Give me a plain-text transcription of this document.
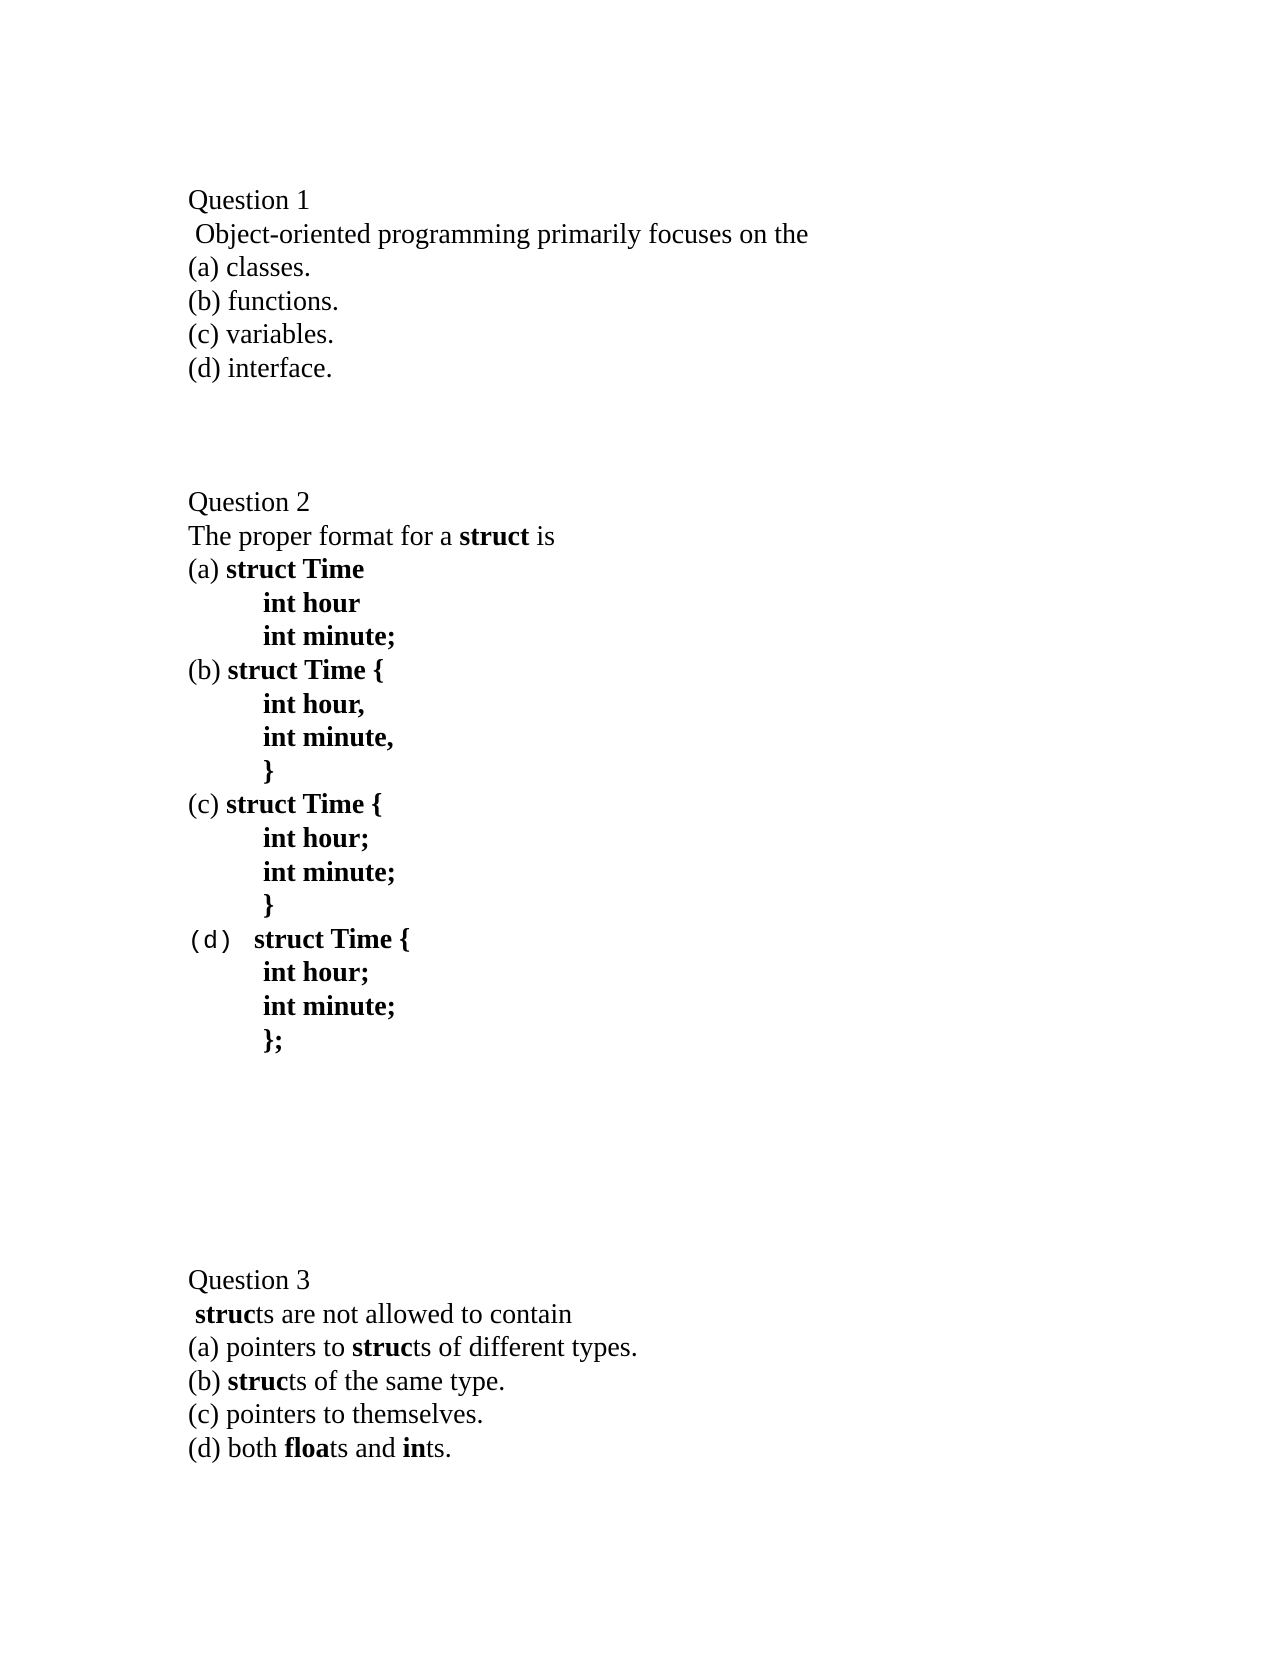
Question 1
Object-oriented programming primarily focuses on the
(a) classes.
(b) functions.
(c) variables.
(d) interface.
Question 2
The proper format for a struct is
(a) struct Time
int hour
int minute;
(b) struct Time {
int hour,
int minute,
}
(c) struct Time {
int hour;
int minute;
}
(d) struct Time {
int hour;
int minute;
};
Question 3
structs are not allowed to contain
(a) pointers to structs of different types.
(b) structs of the same type.
(c) pointers to themselves.
(d) both floats and ints.
